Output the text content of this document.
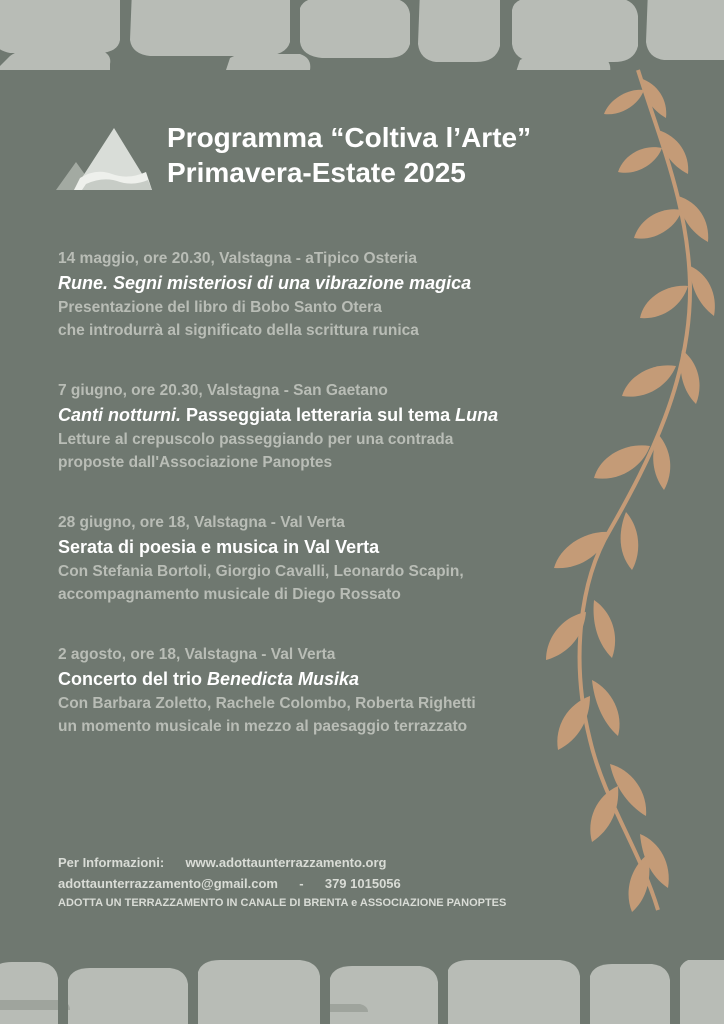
Programma “Coltiva l’Arte”
Primavera-Estate 2025
14 maggio, ore 20.30, Valstagna - aTipico Osteria
Rune. Segni misteriosi di una vibrazione magica
Presentazione del libro di Bobo Santo Otera
che introdurrà al significato della scrittura runica
7 giugno, ore 20.30, Valstagna - San Gaetano
Canti notturni. Passeggiata letteraria sul tema Luna
Letture al crepuscolo passeggiando per una contrada
proposte dall'Associazione Panoptes
28 giugno, ore 18, Valstagna - Val Verta
Serata di poesia e musica in Val Verta
Con Stefania Bortoli, Giorgio Cavalli, Leonardo Scapin,
accompagnamento musicale di Diego Rossato
2 agosto, ore 18, Valstagna - Val Verta
Concerto del trio Benedicta Musika
Con Barbara Zoletto, Rachele Colombo, Roberta Righetti
un momento musicale in mezzo al paesaggio terrazzato
Per Informazioni: www.adottaunterrazzamento.org
adottaunterrazzamento@gmail.com - 379 1015056
ADOTTA UN TERRAZZAMENTO IN CANALE DI BRENTA e ASSOCIAZIONE PANOPTES
